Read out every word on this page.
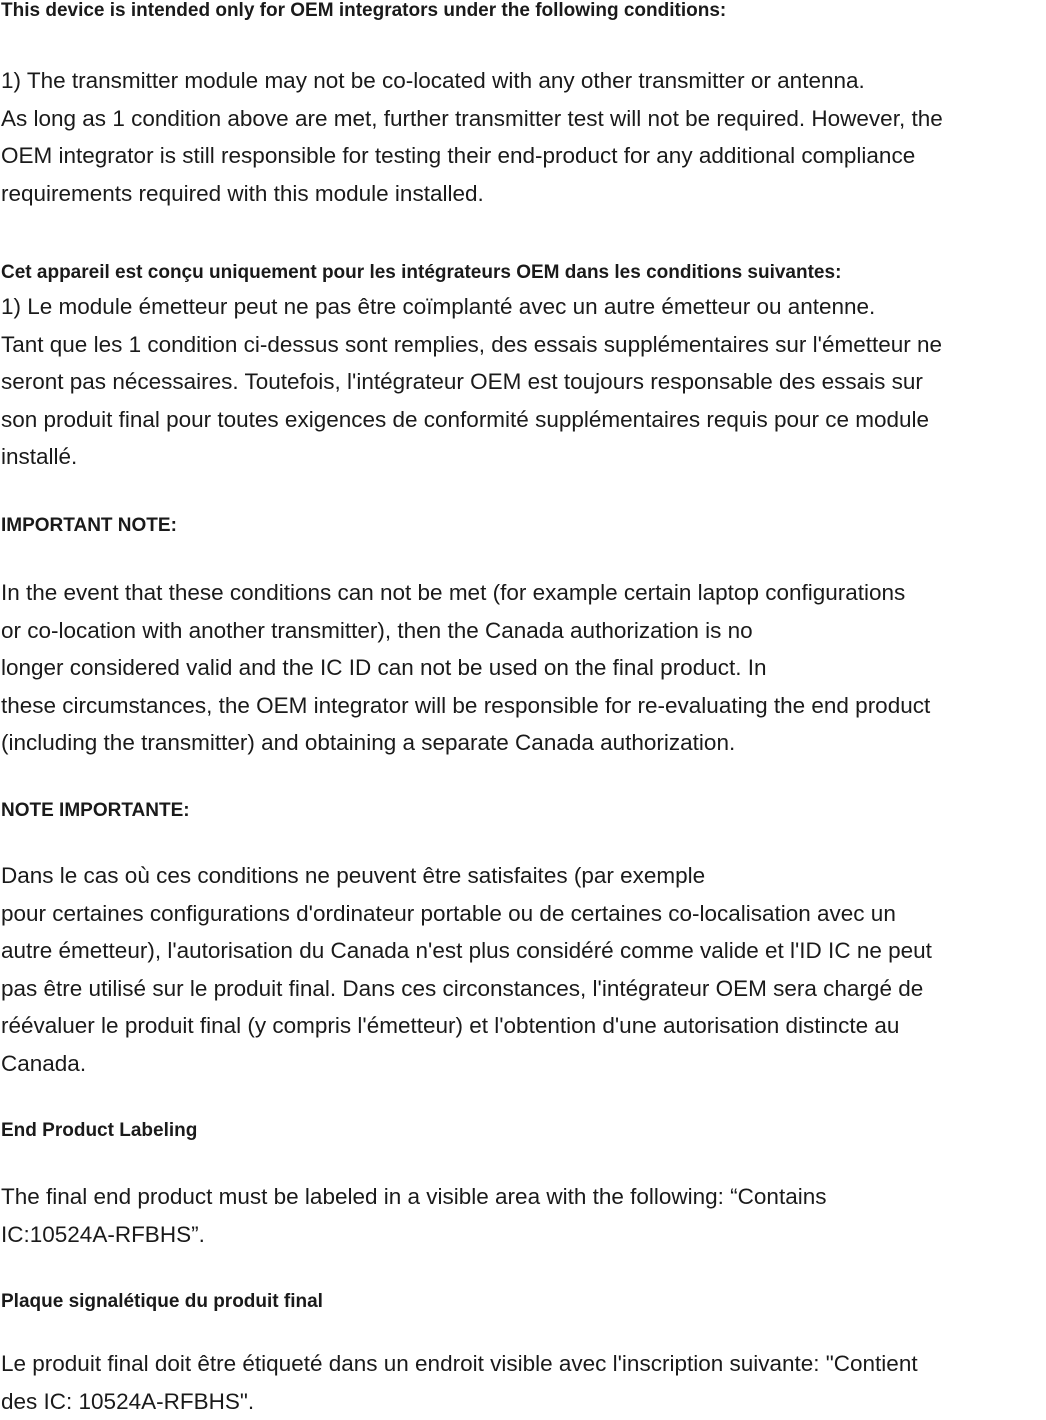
This device is intended only for OEM integrators under the following conditions:
1) The transmitter module may not be co-located with any other transmitter or antenna.
As long as 1 condition above are met, further transmitter test will not be required. However, the
OEM integrator is still responsible for testing their end-product for any additional compliance
requirements required with this module installed.
Cet appareil est conçu uniquement pour les intégrateurs OEM dans les conditions suivantes:
1) Le module émetteur peut ne pas être coïmplanté avec un autre émetteur ou antenne.
Tant que les 1 condition ci-dessus sont remplies, des essais supplémentaires sur l'émetteur ne
seront pas nécessaires. Toutefois, l'intégrateur OEM est toujours responsable des essais sur
son produit final pour toutes exigences de conformité supplémentaires requis pour ce module
installé.
IMPORTANT NOTE:
In the event that these conditions can not be met (for example certain laptop configurations
or co-location with another transmitter), then the Canada authorization is no
longer considered valid and the IC ID can not be used on the final product. In
these circumstances, the OEM integrator will be responsible for re-evaluating the end product
(including the transmitter) and obtaining a separate Canada authorization.
NOTE IMPORTANTE:
Dans le cas où ces conditions ne peuvent être satisfaites (par exemple
pour certaines configurations d'ordinateur portable ou de certaines co-localisation avec un
autre émetteur), l'autorisation du Canada n'est plus considéré comme valide et l'ID IC ne peut
pas être utilisé sur le produit final. Dans ces circonstances, l'intégrateur OEM sera chargé de
réévaluer le produit final (y compris l'émetteur) et l'obtention d'une autorisation distincte au
Canada.
End Product Labeling
The final end product must be labeled in a visible area with the following: “Contains
IC:10524A-RFBHS”.
Plaque signalétique du produit final
Le produit final doit être étiqueté dans un endroit visible avec l'inscription suivante: "Contient
des IC: 10524A-RFBHS".
